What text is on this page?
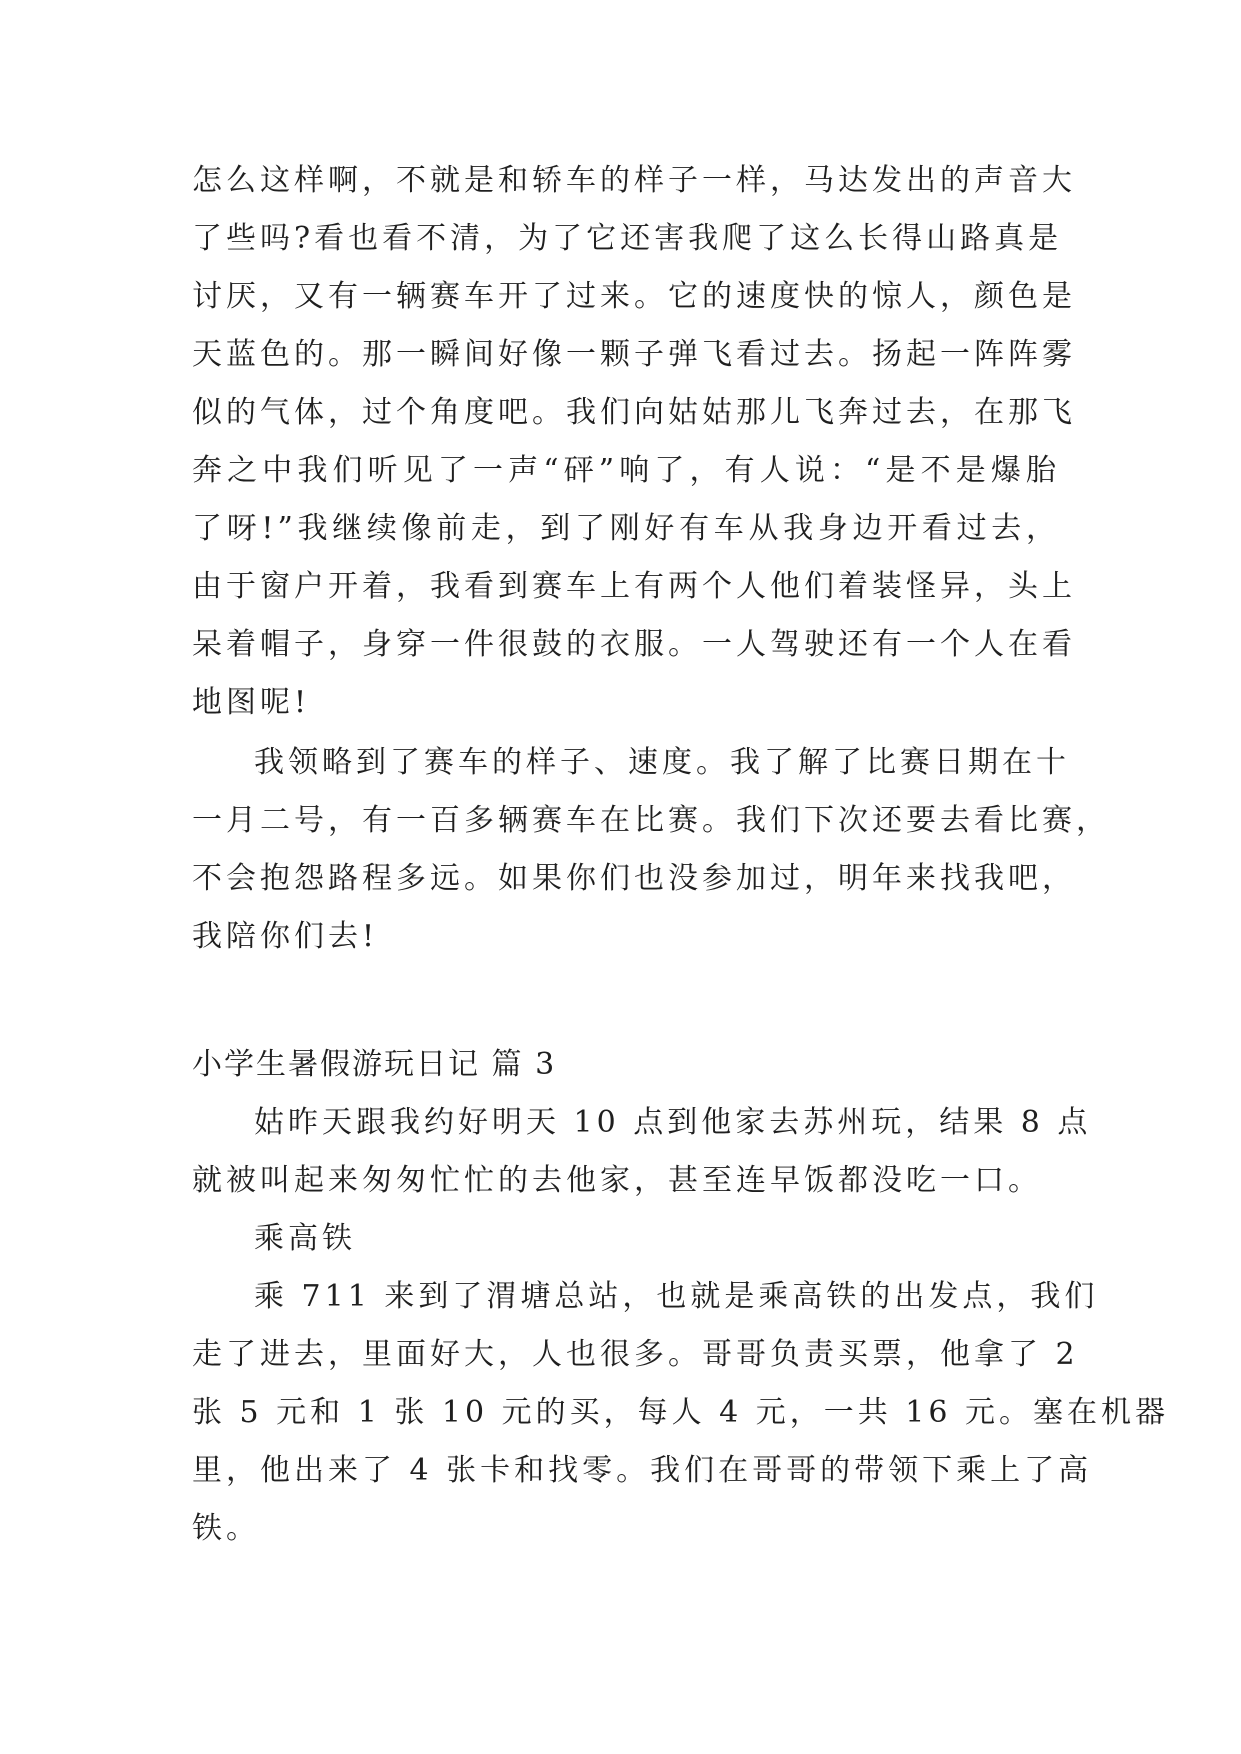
怎么这样啊，不就是和轿车的样子一样，马达发出的声音大
了些吗?看也看不清，为了它还害我爬了这么长得山路真是
讨厌，又有一辆赛车开了过来。它的速度快的惊人，颜色是
天蓝色的。那一瞬间好像一颗子弹飞看过去。扬起一阵阵雾
似的气体，过个角度吧。我们向姑姑那儿飞奔过去，在那飞
奔之中我们听见了一声“砰”响了，有人说：“是不是爆胎
了呀!”我继续像前走，到了刚好有车从我身边开看过去，
由于窗户开着，我看到赛车上有两个人他们着装怪异，头上
呆着帽子，身穿一件很鼓的衣服。一人驾驶还有一个人在看
地图呢!
我领略到了赛车的样子、速度。我了解了比赛日期在十
一月二号，有一百多辆赛车在比赛。我们下次还要去看比赛，
不会抱怨路程多远。如果你们也没参加过，明年来找我吧，
我陪你们去!
小学生暑假游玩日记 篇 3
姑昨天跟我约好明天 10 点到他家去苏州玩，结果 8 点
就被叫起来匆匆忙忙的去他家，甚至连早饭都没吃一口。
乘高铁
乘 711 来到了渭塘总站，也就是乘高铁的出发点，我们
走了进去，里面好大，人也很多。哥哥负责买票，他拿了 2
张 5 元和 1 张 10 元的买，每人 4 元，一共 16 元。塞在机器
里，他出来了 4 张卡和找零。我们在哥哥的带领下乘上了高
铁。
